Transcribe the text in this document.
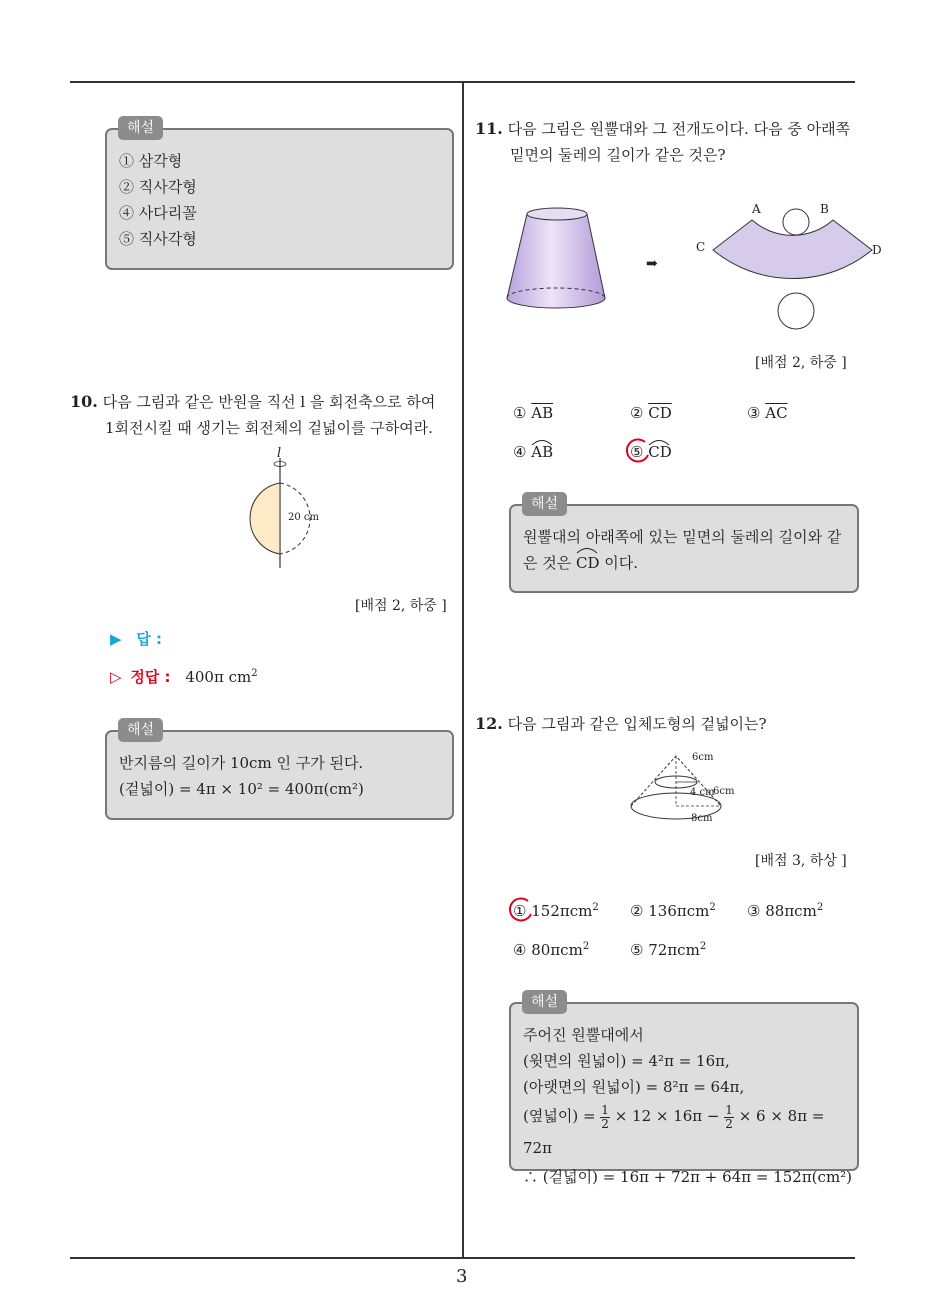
3
① 삼각형
② 직사각형
④ 사다리꼴
⑤ 직사각형
해설
10. 다음 그림과 같은 반원을 직선 l 을 회전축으로 하여
1회전시킬 때 생기는 회전체의 겉넓이를 구하여라.
l
20 cm
[배점 2, 하중 ]
▶ 답 :
▷ 정답 : 400π $cm^2$
반지름의 길이가 10cm 인 구가 된다.
(겉넓이) = 4π × 10² = 400π(cm²)
해설
11. 다음 그림은 원뿔대와 그 전개도이다. 다음 중 아래쪽
밑면의 둘레의 길이가 같은 것은?
➡
A	B
C	D
[배점 2, 하중 ]
① $\overline{AB}$	② $\overline{CD}$	③ $\overline{AC}$
④ AB	⑤ CD
원뿔대의 아래쪽에 있는 밑면의 둘레의 길이와 같
은 것은
CD 이다.
해설
12. 다음 그림과 같은 입체도형의 겉넓이는?
6cm
4 cm
6cm
8cm
[배점 3, 하상 ]
① 152πcm$^2$ ② 136πcm$^2$ ③ 88πcm$^2$
④ 80πcm$^2$	⑤ 72πcm$^2$
주어진 원뿔대에서
(윗면의 원넓이) = 4²π = 16π,
(아랫면의 원넓이) = 8²π = 64π,
(옆넓이) = $\frac{1}{2} \times 12 \times 16\pi - \frac{1}{2} \times 6 \times 8\pi = 72\pi$
∴ (겉넓이) = 16π + 72π + 64π = 152π(cm²)
해설
